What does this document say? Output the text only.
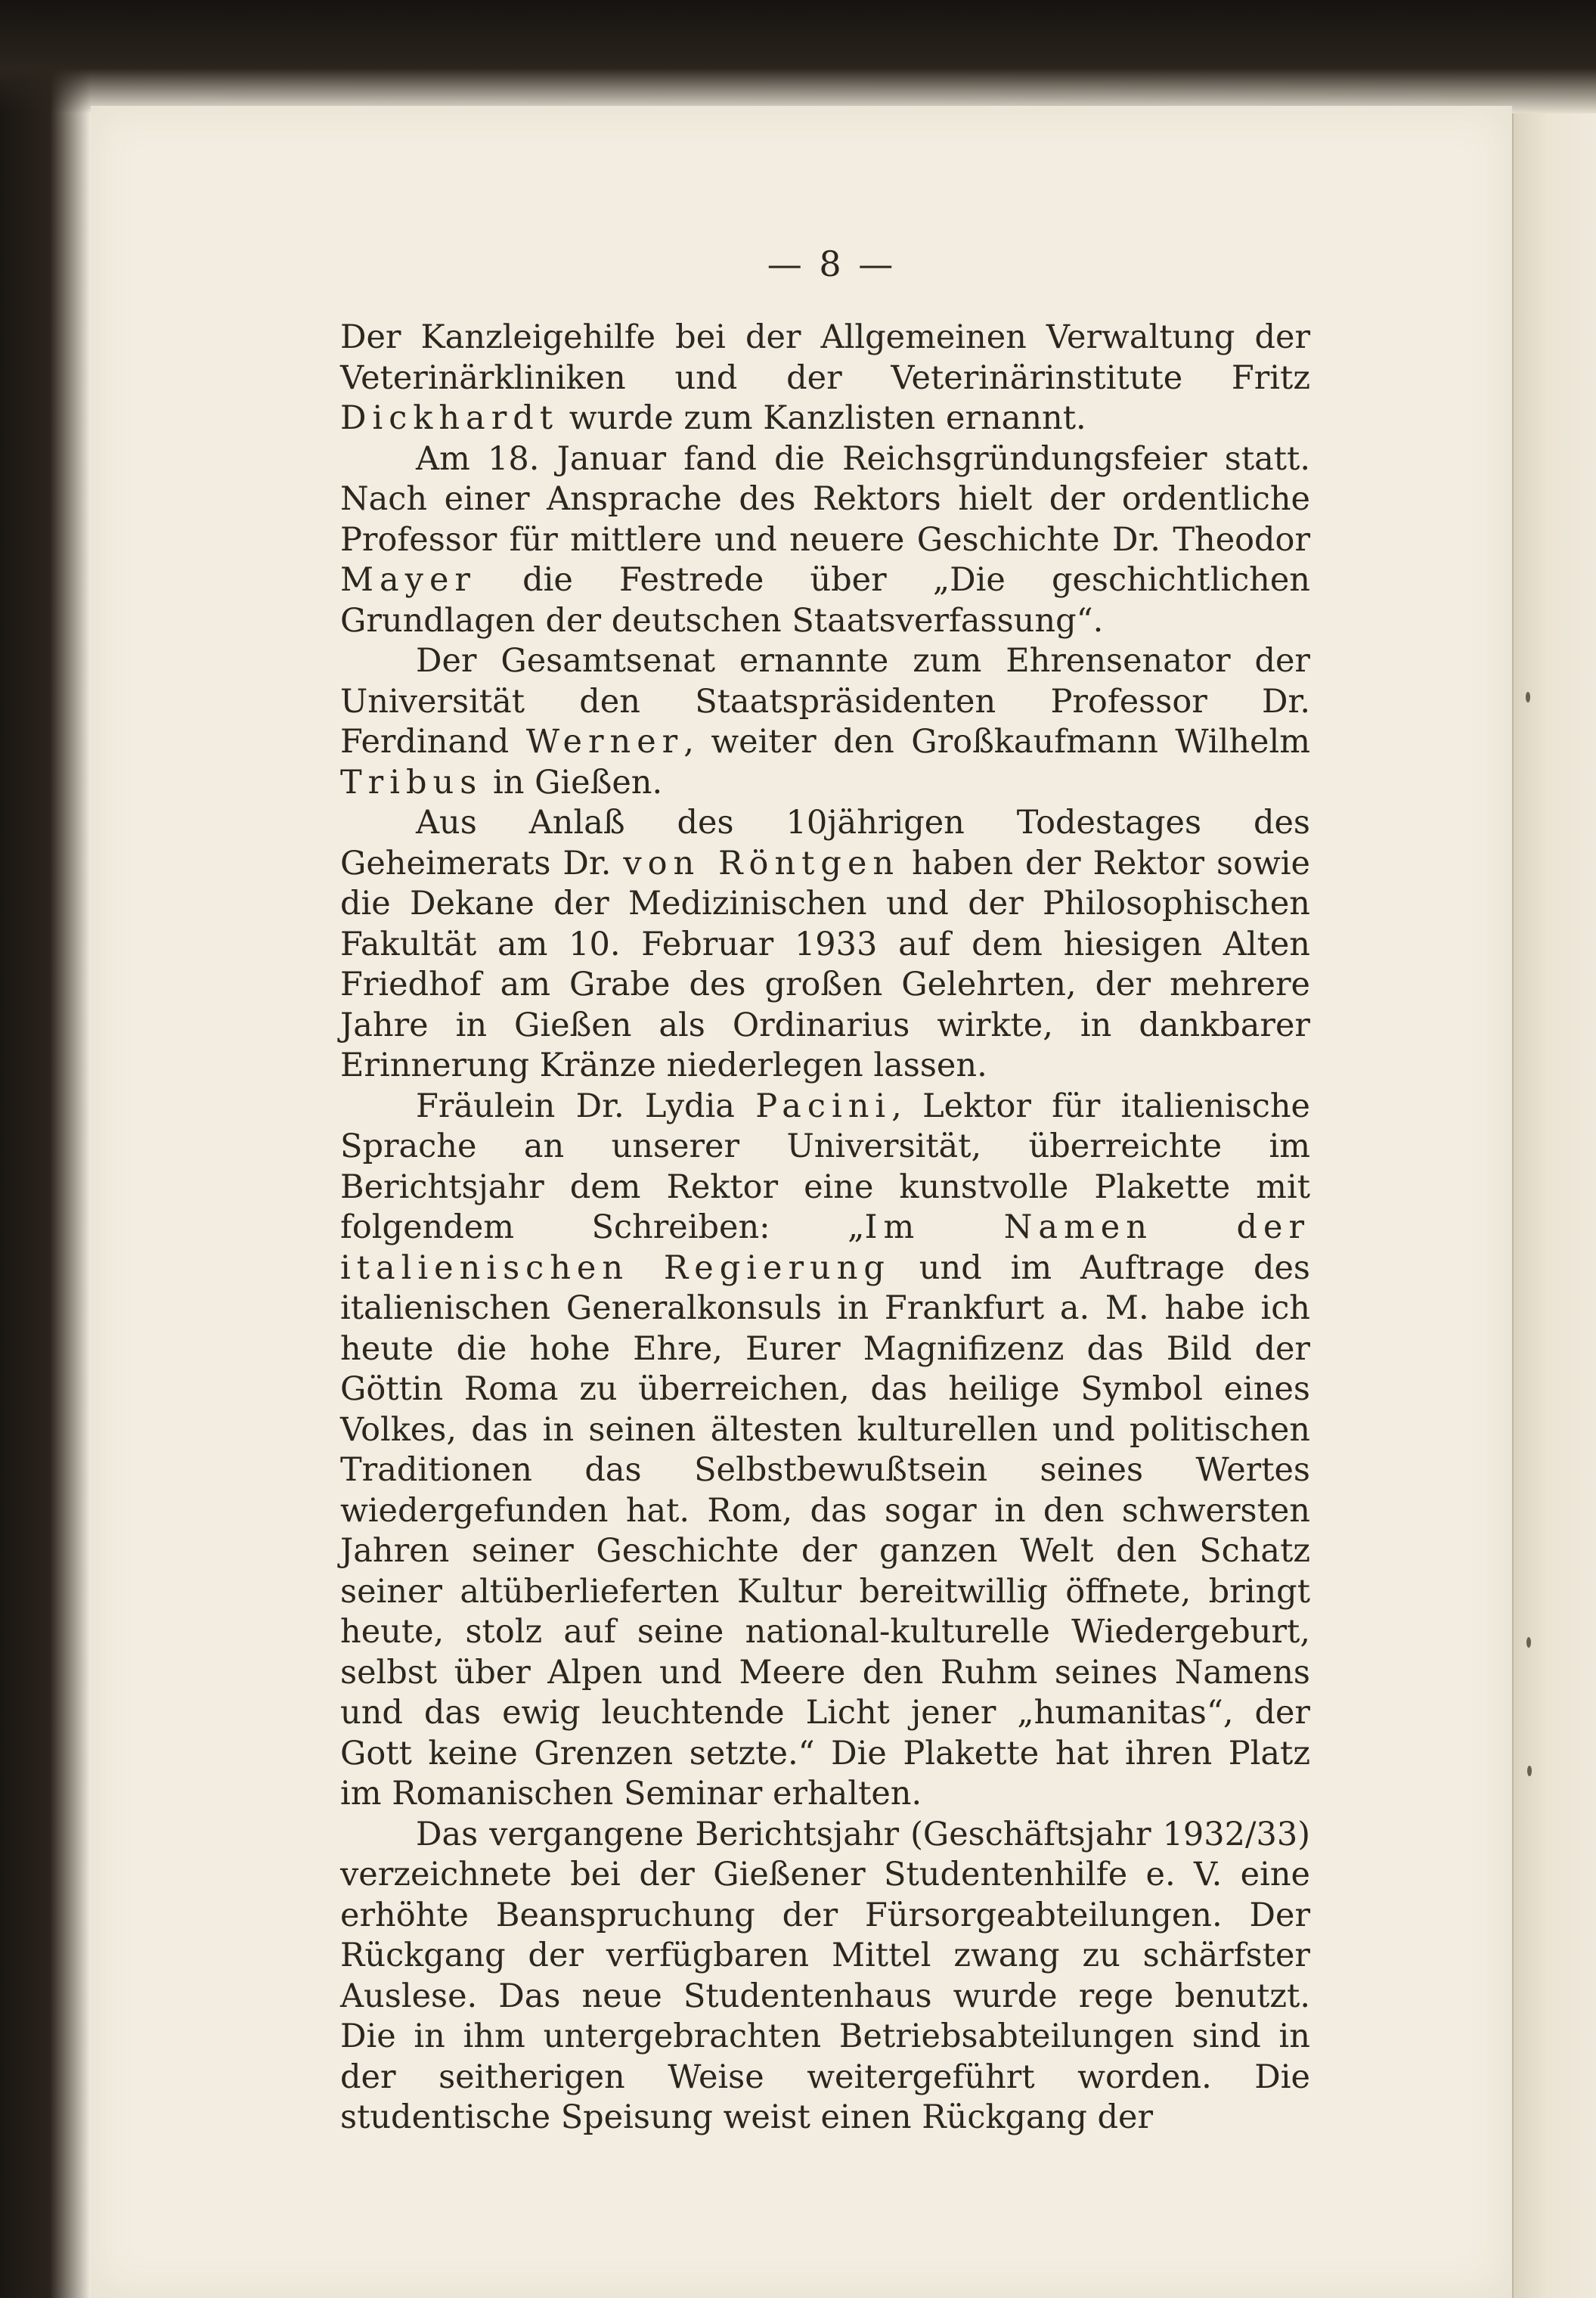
— 8 —

Der Kanzleigehilfe bei der Allgemeinen Verwaltung der Veterinärkliniken und der Veterinärinstitute Fritz Dickhardt wurde zum Kanzlisten ernannt.

Am 18. Januar fand die Reichsgründungsfeier statt. Nach einer Ansprache des Rektors hielt der ordentliche Professor für mittlere und neuere Geschichte Dr. Theodor Mayer die Festrede über „Die geschichtlichen Grundlagen der deutschen Staatsverfassung“.

Der Gesamtsenat ernannte zum Ehrensenator der Universität den Staatspräsidenten Professor Dr. Ferdinand Werner, weiter den Großkaufmann Wilhelm Tribus in Gießen.

Aus Anlaß des 10jährigen Todestages des Geheimerats Dr. von Röntgen haben der Rektor sowie die Dekane der Medizinischen und der Philosophischen Fakultät am 10. Februar 1933 auf dem hiesigen Alten Friedhof am Grabe des großen Gelehrten, der mehrere Jahre in Gießen als Ordinarius wirkte, in dankbarer Erinnerung Kränze niederlegen lassen.

Fräulein Dr. Lydia Pacini, Lektor für italienische Sprache an unserer Universität, überreichte im Berichtsjahr dem Rektor eine kunstvolle Plakette mit folgendem Schreiben: „Im Namen der italienischen Regierung und im Auftrage des italienischen Generalkonsuls in Frankfurt a. M. habe ich heute die hohe Ehre, Eurer Magnifizenz das Bild der Göttin Roma zu überreichen, das heilige Symbol eines Volkes, das in seinen ältesten kulturellen und politischen Traditionen das Selbstbewußtsein seines Wertes wiedergefunden hat. Rom, das sogar in den schwersten Jahren seiner Geschichte der ganzen Welt den Schatz seiner altüberlieferten Kultur bereitwillig öffnete, bringt heute, stolz auf seine national-kulturelle Wiedergeburt, selbst über Alpen und Meere den Ruhm seines Namens und das ewig leuchtende Licht jener „humanitas“, der Gott keine Grenzen setzte.“ Die Plakette hat ihren Platz im Romanischen Seminar erhalten.

Das vergangene Berichtsjahr (Geschäftsjahr 1932/33) verzeichnete bei der Gießener Studentenhilfe e. V. eine erhöhte Beanspruchung der Fürsorgeabteilungen. Der Rückgang der verfügbaren Mittel zwang zu schärfster Auslese. Das neue Studentenhaus wurde rege benutzt. Die in ihm untergebrachten Betriebsabteilungen sind in der seitherigen Weise weitergeführt worden. Die studentische Speisung weist einen Rückgang der
